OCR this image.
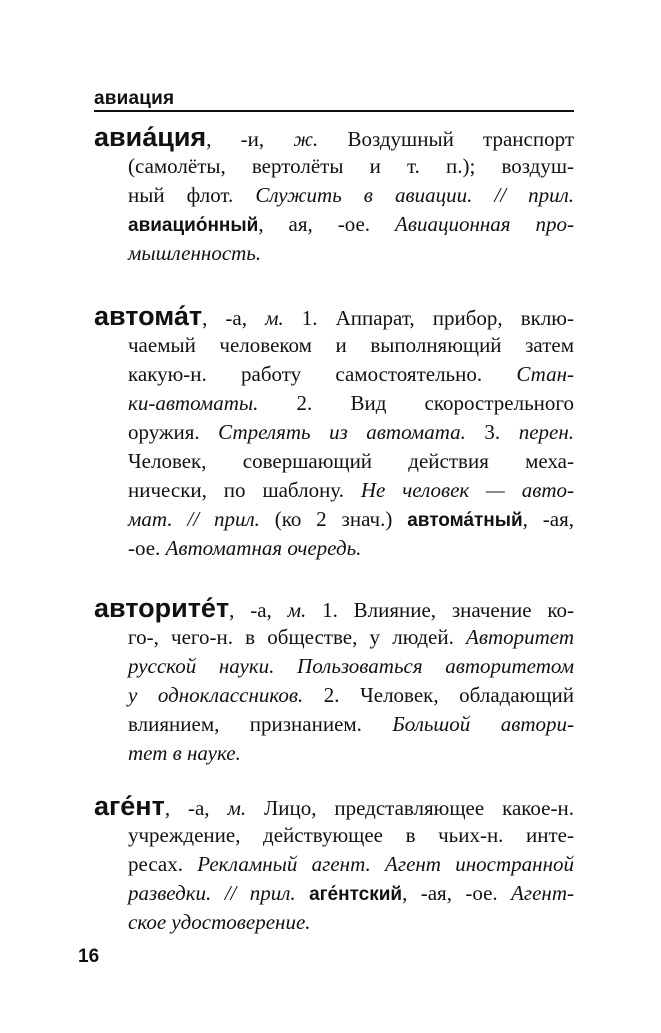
авиация
авиа́ция, -и, ж. Воздушный транспорт
(самолёты, вертолёты и т. п.); воздуш-
ный флот. Служить в авиации. // прил.
авиацио́нный, ая, -ое. Авиационная про-
мышленность.
автома́т, -а, м. 1. Аппарат, прибор, вклю-
чаемый человеком и выполняющий затем
какую-н. работу самостоятельно. Стан-
ки-автоматы. 2. Вид скорострельного
оружия. Стрелять из автомата. 3. перен.
Человек, совершающий действия меха-
нически, по шаблону. Не человек — авто-
мат. // прил. (ко 2 знач.) автома́тный, -ая,
-ое. Автоматная очередь.
авторите́т, -а, м. 1. Влияние, значение ко-
го-, чего-н. в обществе, у людей. Авторитет
русской науки. Пользоваться авторитетом
у одноклассников. 2. Человек, обладающий
влиянием, признанием. Большой автори-
тет в науке.
аге́нт, -а, м. Лицо, представляющее какое-н.
учреждение, действующее в чьих-н. инте-
ресах. Рекламный агент. Агент иностранной
разведки. // прил. аге́нтский, -ая, -ое. Агент-
ское удостоверение.
16
